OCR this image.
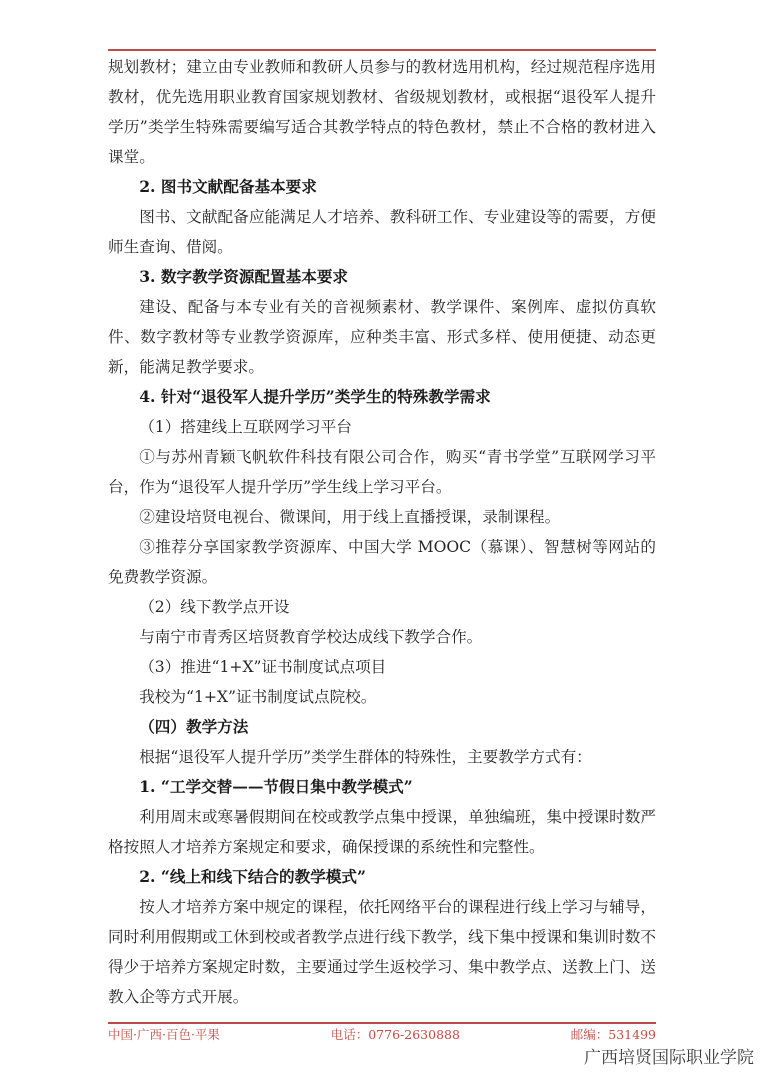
规划教材；建立由专业教师和教研人员参与的教材选用机构，经过规范程序选用教材，优先选用职业教育国家规划教材、省级规划教材，或根据“退役军人提升学历”类学生特殊需要编写适合其教学特点的特色教材，禁止不合格的教材进入课堂。

2. 图书文献配备基本要求

图书、文献配备应能满足人才培养、教科研工作、专业建设等的需要，方便师生查询、借阅。

3. 数字教学资源配置基本要求

建设、配备与本专业有关的音视频素材、教学课件、案例库、虚拟仿真软件、数字教材等专业教学资源库，应种类丰富、形式多样、使用便捷、动态更新，能满足教学要求。

4. 针对“退役军人提升学历”类学生的特殊教学需求

（1）搭建线上互联网学习平台

①与苏州青颖飞帆软件科技有限公司合作，购买“青书学堂”互联网学习平台，作为“退役军人提升学历”学生线上学习平台。

②建设培贤电视台、微课间，用于线上直播授课，录制课程。

③推荐分享国家教学资源库、中国大学 MOOC（慕课）、智慧树等网站的免费教学资源。

（2）线下教学点开设

与南宁市青秀区培贤教育学校达成线下教学合作。

（3）推进“1+X”证书制度试点项目

我校为“1+X”证书制度试点院校。

（四）教学方法

根据“退役军人提升学历”类学生群体的特殊性，主要教学方式有：

1. “工学交替——节假日集中教学模式”

利用周末或寒暑假期间在校或教学点集中授课，单独编班，集中授课时数严格按照人才培养方案规定和要求，确保授课的系统性和完整性。

2. “线上和线下结合的教学模式”

按人才培养方案中规定的课程，依托网络平台的课程进行线上学习与辅导，同时利用假期或工休到校或者教学点进行线下教学，线下集中授课和集训时数不得少于培养方案规定时数，主要通过学生返校学习、集中教学点、送教上门、送教入企等方式开展。

中国·广西·百色·平果	电话：0776-2630888	邮编：531499
广西培贤国际职业学院
